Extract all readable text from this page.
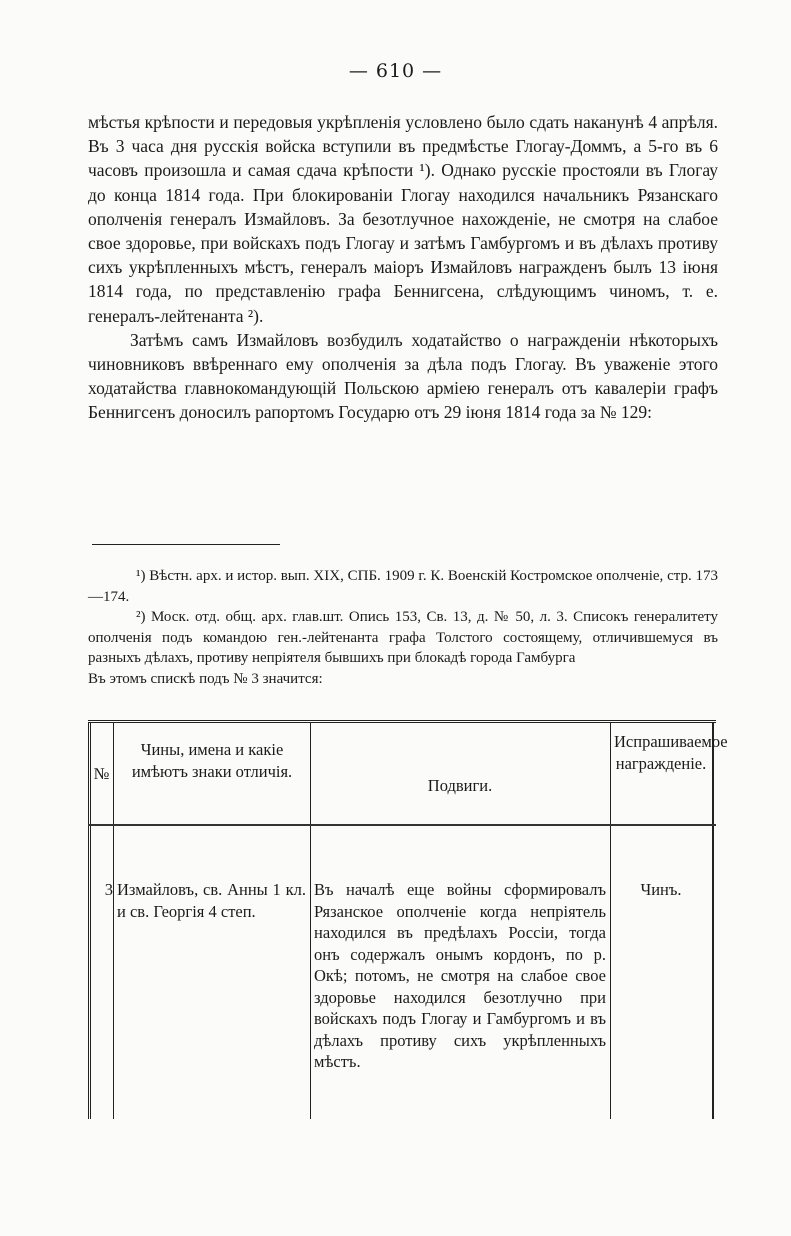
— 610 —

мѣстья крѣпости и передовыя укрѣпленія условлено было сдать наканунѣ 4 апрѣля. Въ 3 часа дня русскія войска вступили въ предмѣстье Глогау-Доммъ, а 5-го въ 6 часовъ произошла и самая сдача крѣпости ¹). Однако русскіе простояли въ Глогау до конца 1814 года. При блокированіи Глогау находился начальникъ Рязанскаго ополченія генералъ Измайловъ. За безотлучное нахожденіе, не смотря на слабое свое здоровье, при войскахъ подъ Глогау и затѣмъ Гамбургомъ и въ дѣлахъ противу сихъ укрѣпленныхъ мѣстъ, генералъ маіоръ Измайловъ награжденъ былъ 13 іюня 1814 года, по представленію графа Беннигсена, слѣдующимъ чиномъ, т. е. генералъ-лейтенанта ²).

Затѣмъ самъ Измайловъ возбудилъ ходатайство о награжденіи нѣкоторыхъ чиновниковъ ввѣреннаго ему ополченія за дѣла подъ Глогау. Въ уваженіе этого ходатайства главнокомандующій Польскою арміею генералъ отъ кавалеріи графъ Беннигсенъ доносилъ рапортомъ Государю отъ 29 іюня 1814 года за № 129:

¹) Вѣстн. арх. и истор. вып. XIX, СПБ. 1909 г. К. Военскій Костромское ополченіе, стр. 173—174.

²) Моск. отд. общ. арх. глав.шт. Опись 153, Св. 13, д. № 50, л. 3. Списокъ генералитету ополченія подъ командою ген.-лейтенанта графа Толстого состоящему, отличившемуся въ разныхъ дѣлахъ, противу непріятеля бывшихъ при блокадѣ города Гамбурга

Въ этомъ спискѣ подъ № 3 значится:

№
Чины, имена и какіе имѣютъ знаки отличія.
Подвиги.
Испрашиваемое награжденіе.
3 Измайловъ, св. Анны 1 кл. и св. Георгія 4 степ.
Въ началѣ еще войны сформировалъ Рязанское ополченіе когда непріятель находился въ предѣлахъ Россіи, тогда онъ содержалъ онымъ кордонъ, по р. Окѣ; потомъ, не смотря на слабое свое здоровье находился безотлучно при войскахъ подъ Глогау и Гамбургомъ и въ дѣлахъ противу сихъ укрѣпленныхъ мѣстъ.
Чинъ.
